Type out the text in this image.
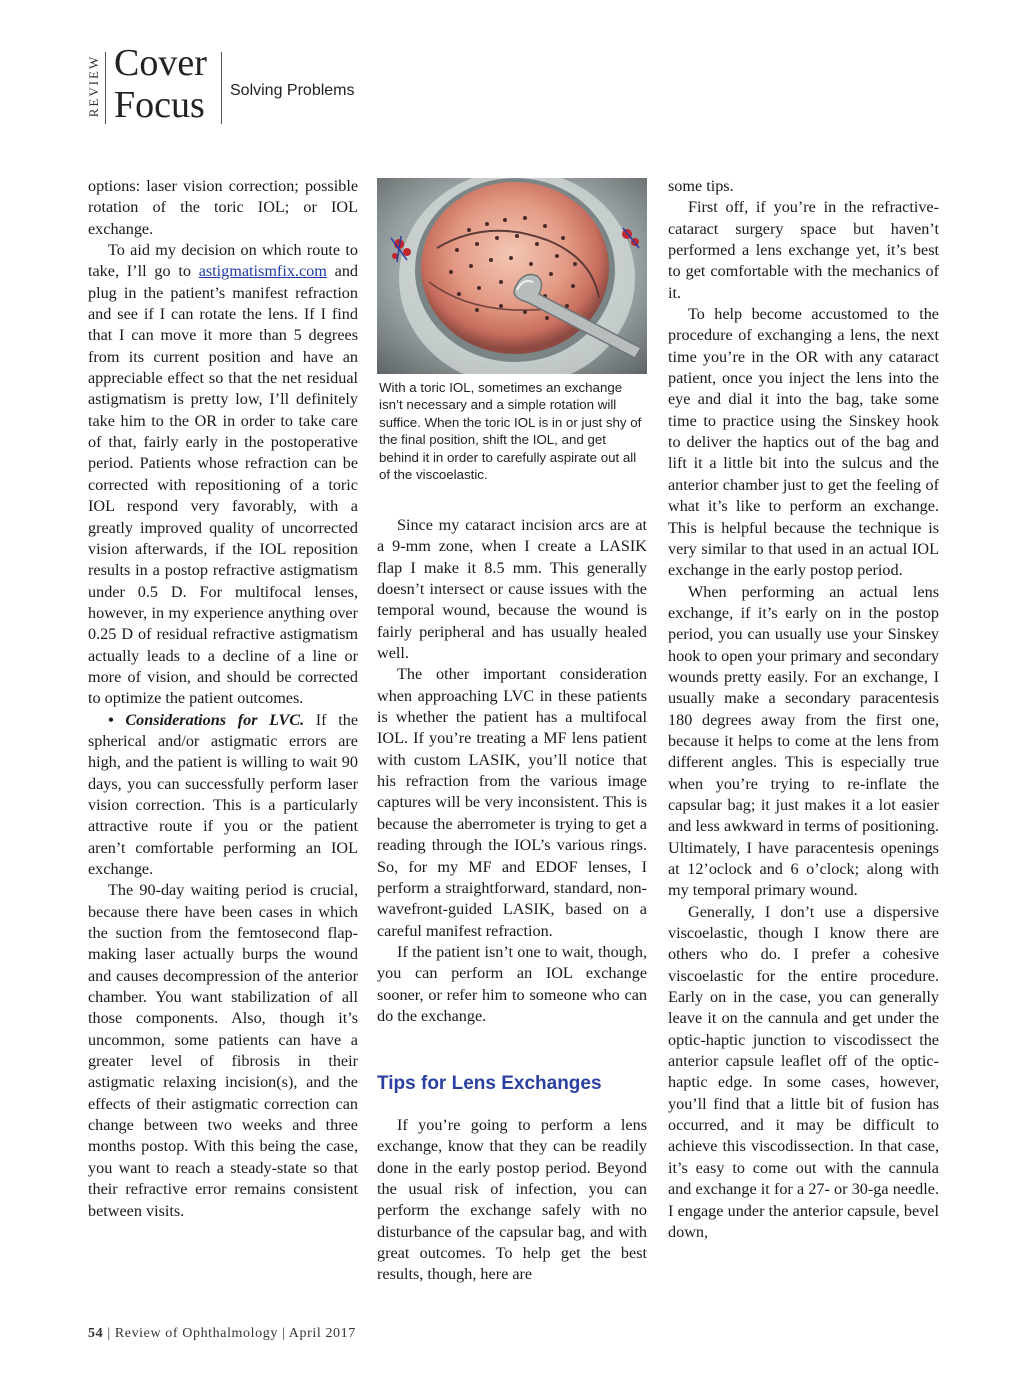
REVIEW Cover
Focus Solving Problems

options: laser vision correction; possible rotation of the toric IOL; or IOL exchange.

To aid my decision on which route to take, I’ll go to astigmatismfix.com and plug in the patient’s manifest refraction and see if I can rotate the lens. If I find that I can move it more than 5 degrees from its current position and have an appreciable effect so that the net residual astigmatism is pretty low, I’ll definitely take him to the OR in order to take care of that, fairly early in the postoperative period. Patients whose refraction can be corrected with repositioning of a toric IOL respond very favorably, with a greatly improved quality of uncorrected vision afterwards, if the IOL reposition results in a postop refractive astigmatism under 0.5 D. For multifocal lenses, however, in my experience anything over 0.25 D of residual refractive astigmatism actually leads to a decline of a line or more of vision, and should be corrected to optimize the patient outcomes.

• Considerations for LVC. If the spherical and/or astigmatic errors are high, and the patient is willing to wait 90 days, you can successfully perform laser vision correction. This is a particularly attractive route if you or the patient aren’t comfortable performing an IOL exchange.

The 90-day waiting period is crucial, because there have been cases in which the suction from the femtosecond flap-making laser actually burps the wound and causes decompression of the anterior chamber. You want stabilization of all those components. Also, though it’s uncommon, some patients can have a greater level of fibrosis in their astigmatic relaxing incision(s), and the effects of their astigmatic correction can change between two weeks and three months postop. With this being the case, you want to reach a steady-state so that their refractive error remains consistent between visits.

With a toric IOL, sometimes an exchange isn’t necessary and a simple rotation will suffice. When the toric IOL is in or just shy of the final position, shift the IOL, and get behind it in order to carefully aspirate out all of the viscoelastic.

Since my cataract incision arcs are at a 9-mm zone, when I create a LASIK flap I make it 8.5 mm. This generally doesn’t intersect or cause issues with the temporal wound, because the wound is fairly peripheral and has usually healed well.

The other important consideration when approaching LVC in these patients is whether the patient has a multifocal IOL. If you’re treating a MF lens patient with custom LASIK, you’ll notice that his refraction from the various image captures will be very inconsistent. This is because the aberrometer is trying to get a reading through the IOL’s various rings. So, for my MF and EDOF lenses, I perform a straightforward, standard, non-wavefront-guided LASIK, based on a careful manifest refraction.

If the patient isn’t one to wait, though, you can perform an IOL exchange sooner, or refer him to someone who can do the exchange.

Tips for Lens Exchanges

If you’re going to perform a lens exchange, know that they can be readily done in the early postop period. Beyond the usual risk of infection, you can perform the exchange safely with no disturbance of the capsular bag, and with great outcomes. To help get the best results, though, here are

some tips.

First off, if you’re in the refractive-cataract surgery space but haven’t performed a lens exchange yet, it’s best to get comfortable with the mechanics of it.

To help become accustomed to the procedure of exchanging a lens, the next time you’re in the OR with any cataract patient, once you inject the lens into the eye and dial it into the bag, take some time to practice using the Sinskey hook to deliver the haptics out of the bag and lift it a little bit into the sulcus and the anterior chamber just to get the feeling of what it’s like to perform an exchange. This is helpful because the technique is very similar to that used in an actual IOL exchange in the early postop period.

When performing an actual lens exchange, if it’s early on in the postop period, you can usually use your Sinskey hook to open your primary and secondary wounds pretty easily. For an exchange, I usually make a secondary paracentesis 180 degrees away from the first one, because it helps to come at the lens from different angles. This is especially true when you’re trying to re-inflate the capsular bag; it just makes it a lot easier and less awkward in terms of positioning. Ultimately, I have paracentesis openings at 12’oclock and 6 o’clock; along with my temporal primary wound.

Generally, I don’t use a dispersive viscoelastic, though I know there are others who do. I prefer a cohesive viscoelastic for the entire procedure. Early on in the case, you can generally leave it on the cannula and get under the optic-haptic junction to viscodissect the anterior capsule leaflet off of the optic-haptic edge. In some cases, however, you’ll find that a little bit of fusion has occurred, and it may be difficult to achieve this viscodissection. In that case, it’s easy to come out with the cannula and exchange it for a 27- or 30-ga needle. I engage under the anterior capsule, bevel down,

54 | Review of Ophthalmology | April 2017
